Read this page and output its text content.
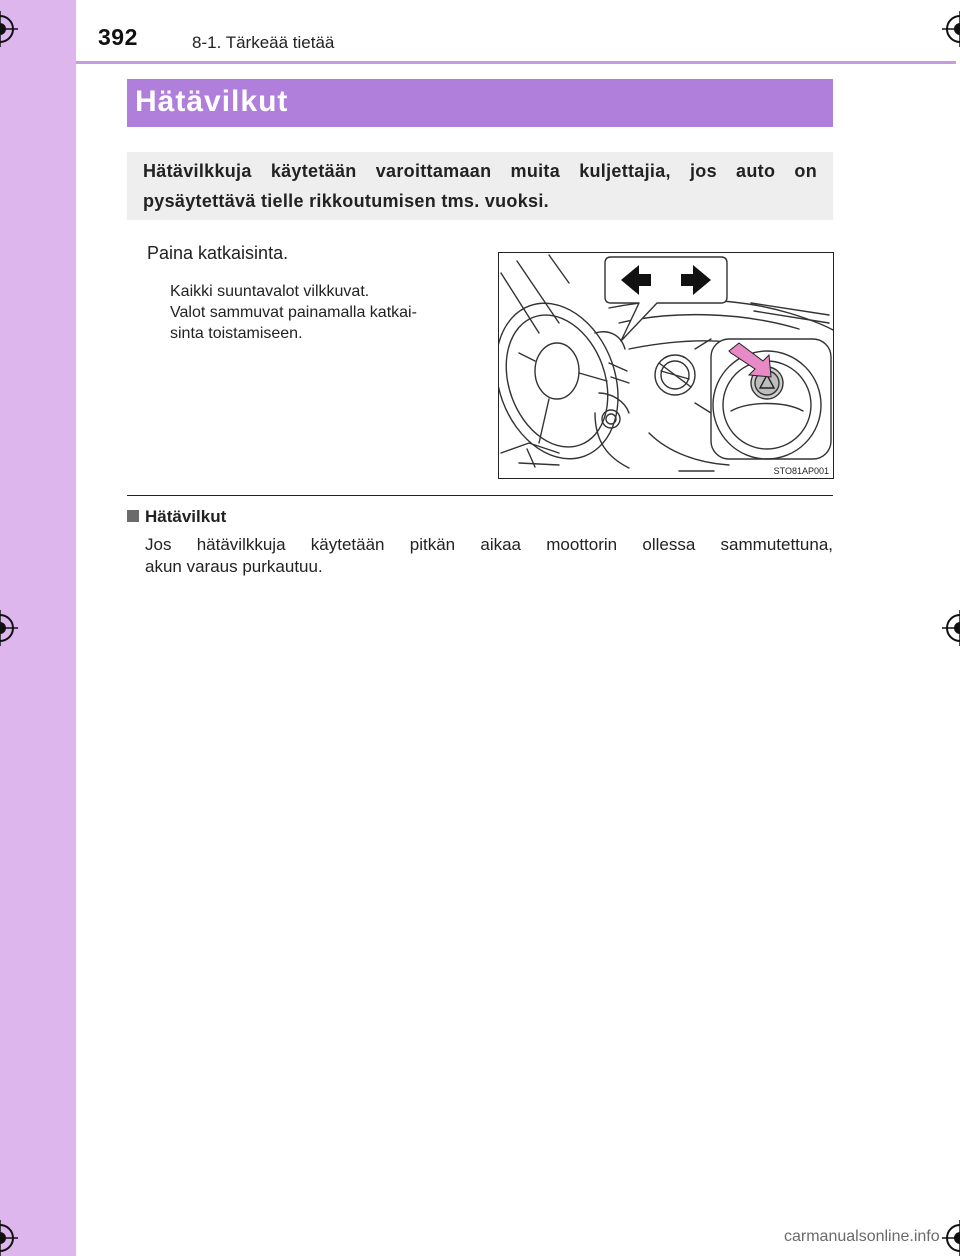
392	8-1. Tärkeää tietää
Hätävilkut

Hätävilkkuja käytetään varoittamaan muita kuljettajia, jos auto on pysäytettävä tielle rikkoutumisen tms. vuoksi.

Paina katkaisinta.
Kaikki suuntavalot vilkkuvat.
Valot sammuvat painamalla katkai-
sinta toistamiseen.
STO81AP001
Hätävilkut
Jos hätävilkkuja käytetään pitkän aikaa moottorin ollessa sammutettuna,
akun varaus purkautuu.
carmanualsonline.info
